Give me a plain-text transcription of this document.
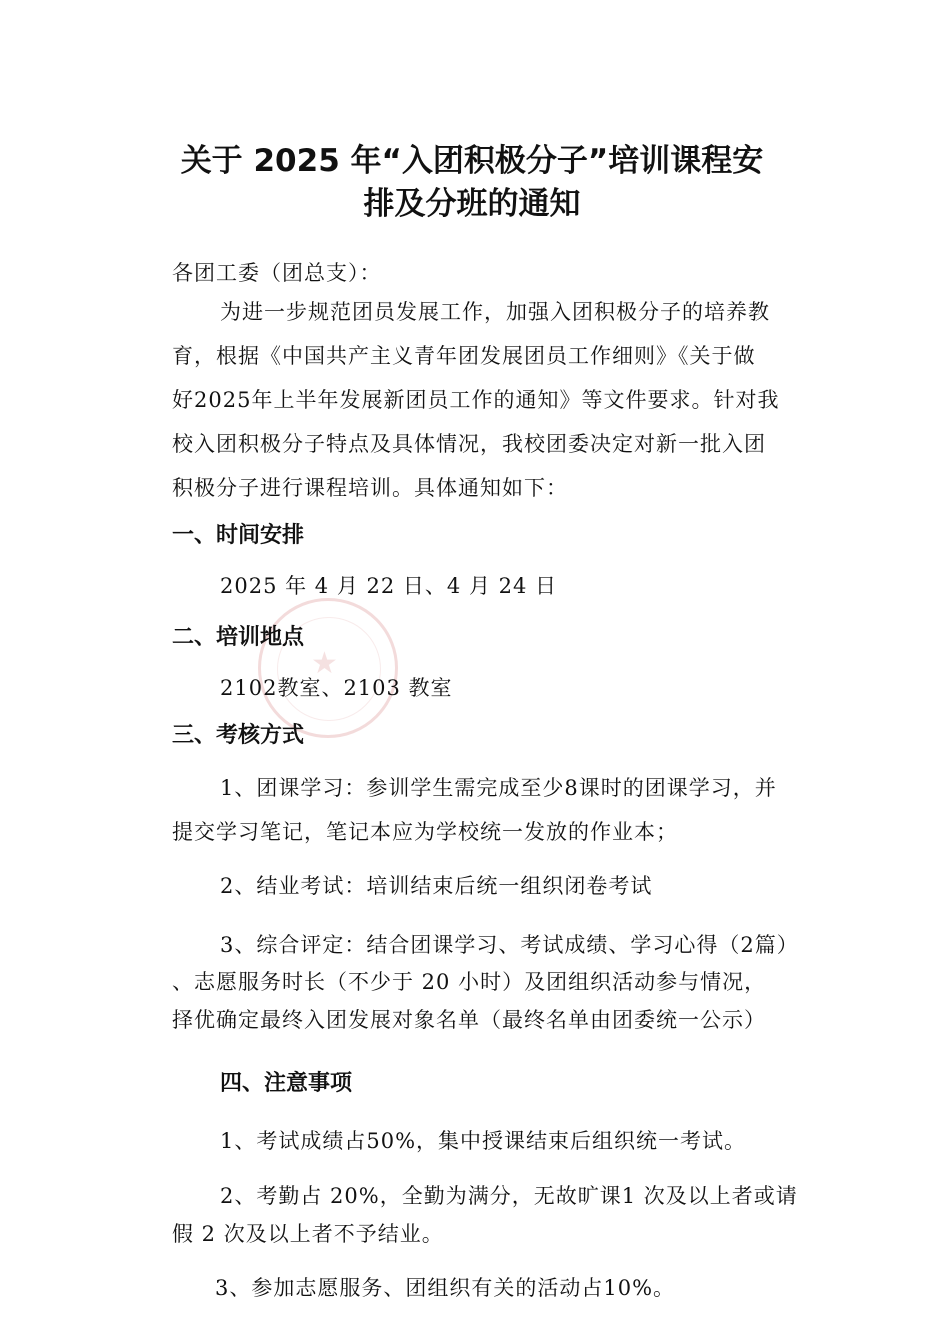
★
关于 2025 年“入团积极分子”培训课程安
排及分班的通知
各团工委（团总支）：
为进一步规范团员发展工作，加强入团积极分子的培养教
育，根据《中国共产主义青年团发展团员工作细则》《关于做
好2025年上半年发展新团员工作的通知》等文件要求。针对我
校入团积极分子特点及具体情况，我校团委决定对新一批入团
积极分子进行课程培训。具体通知如下：
一、时间安排
2025 年 4 月 22 日、4 月 24 日
二、培训地点
2102教室、2103 教室
三、考核方式
1、团课学习：参训学生需完成至少8课时的团课学习，并
提交学习笔记，笔记本应为学校统一发放的作业本；
2、结业考试：培训结束后统一组织闭卷考试
3、综合评定：结合团课学习、考试成绩、学习心得（2篇）
、志愿服务时长（不少于 20 小时）及团组织活动参与情况，
择优确定最终入团发展对象名单（最终名单由团委统一公示）
四、注意事项
1、考试成绩占50%，集中授课结束后组织统一考试。
2、考勤占 20%，全勤为满分，无故旷课1 次及以上者或请
假 2 次及以上者不予结业。
3、参加志愿服务、团组织有关的活动占10%。
